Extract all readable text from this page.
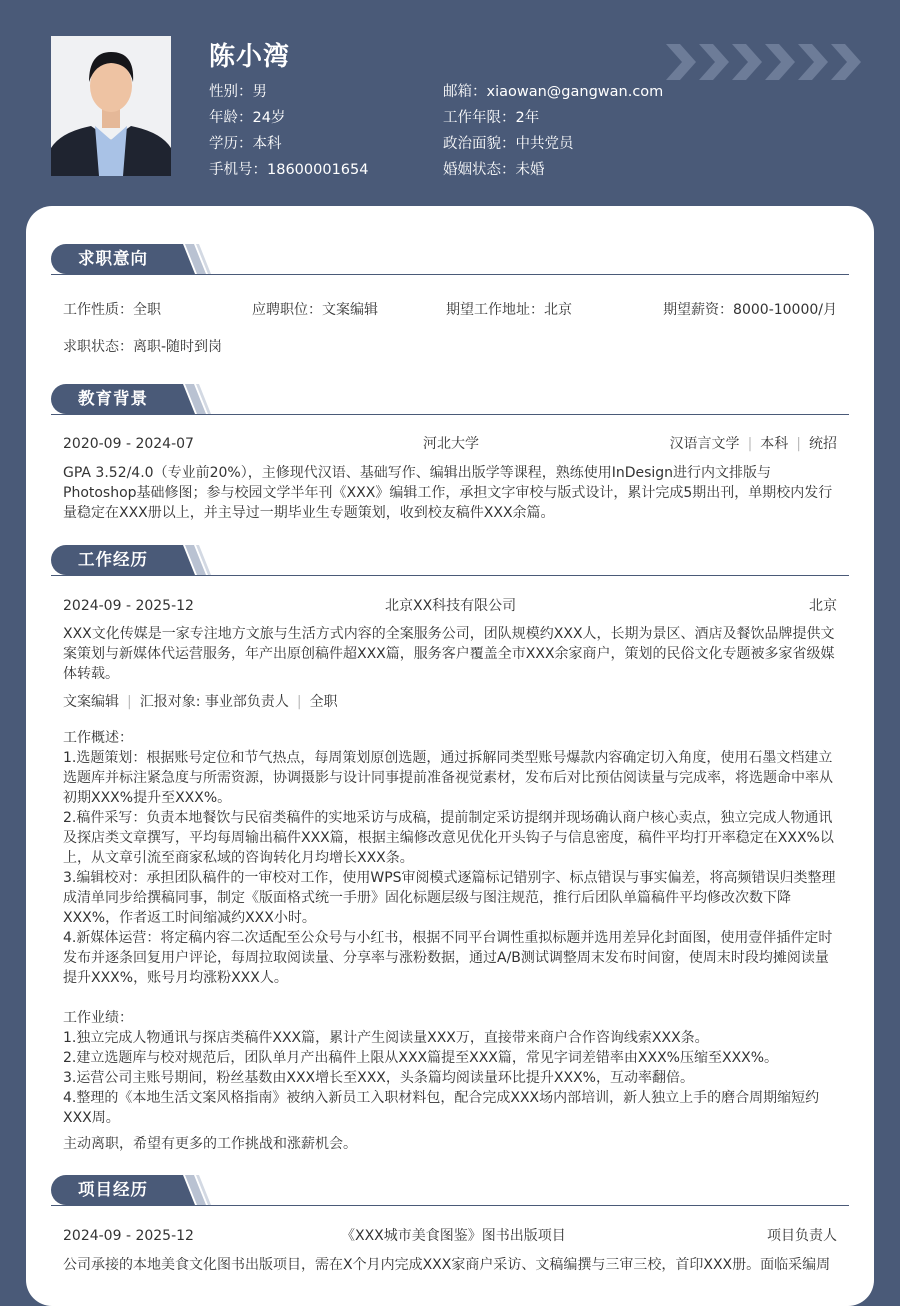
陈小湾
性别：男
年龄：24岁
学历：本科
手机号：18600001654
邮箱：xiaowan@gangwan.com
工作年限：2年
政治面貌：中共党员
婚姻状态：未婚
求职意向
工作性质：全职	应聘职位：文案编辑	期望工作地址：北京	期望薪资：8000-10000/月
求职状态：离职-随时到岗
教育背景
2020-09 - 2024-07	河北大学	汉语言文学 | 本科 | 统招
GPA 3.52/4.0（专业前20%），主修现代汉语、基础写作、编辑出版学等课程，熟练使用InDesign进行内文排版与Photoshop基础修图；参与校园文学半年刊《XXX》编辑工作，承担文字审校与版式设计，累计完成5期出刊，单期校内发行量稳定在XXX册以上，并主导过一期毕业生专题策划，收到校友稿件XXX余篇。
工作经历
2024-09 - 2025-12	北京XX科技有限公司	北京
XXX文化传媒是一家专注地方文旅与生活方式内容的全案服务公司，团队规模约XXX人，长期为景区、酒店及餐饮品牌提供文案策划与新媒体代运营服务，年产出原创稿件超XXX篇，服务客户覆盖全市XXX余家商户，策划的民俗文化专题被多家省级媒体转载。
文案编辑 | 汇报对象: 事业部负责人 | 全职
工作概述：
1.选题策划：根据账号定位和节气热点，每周策划原创选题，通过拆解同类型账号爆款内容确定切入角度，使用石墨文档建立选题库并标注紧急度与所需资源，协调摄影与设计同事提前准备视觉素材，发布后对比预估阅读量与完成率，将选题命中率从初期XXX%提升至XXX%。
2.稿件采写：负责本地餐饮与民宿类稿件的实地采访与成稿，提前制定采访提纲并现场确认商户核心卖点，独立完成人物通讯及探店类文章撰写，平均每周输出稿件XXX篇，根据主编修改意见优化开头钩子与信息密度，稿件平均打开率稳定在XXX%以上，从文章引流至商家私域的咨询转化月均增长XXX条。
3.编辑校对：承担团队稿件的一审校对工作，使用WPS审阅模式逐篇标记错别字、标点错误与事实偏差，将高频错误归类整理成清单同步给撰稿同事，制定《版面格式统一手册》固化标题层级与图注规范，推行后团队单篇稿件平均修改次数下降XXX%，作者返工时间缩减约XXX小时。
4.新媒体运营：将定稿内容二次适配至公众号与小红书，根据不同平台调性重拟标题并选用差异化封面图，使用壹伴插件定时发布并逐条回复用户评论，每周拉取阅读量、分享率与涨粉数据，通过A/B测试调整周末发布时间窗，使周末时段均摊阅读量提升XXX%，账号月均涨粉XXX人。
工作业绩：
1.独立完成人物通讯与探店类稿件XXX篇，累计产生阅读量XXX万，直接带来商户合作咨询线索XXX条。
2.建立选题库与校对规范后，团队单月产出稿件上限从XXX篇提至XXX篇，常见字词差错率由XXX%压缩至XXX%。
3.运营公司主账号期间，粉丝基数由XXX增长至XXX，头条篇均阅读量环比提升XXX%，互动率翻倍。
4.整理的《本地生活文案风格指南》被纳入新员工入职材料包，配合完成XXX场内部培训，新人独立上手的磨合周期缩短约XXX周。
主动离职，希望有更多的工作挑战和涨薪机会。
项目经历
2024-09 - 2025-12	《XXX城市美食图鉴》图书出版项目	项目负责人
公司承接的本地美食文化图书出版项目，需在X个月内完成XXX家商户采访、文稿编撰与三审三校，首印XXX册。面临采编周
